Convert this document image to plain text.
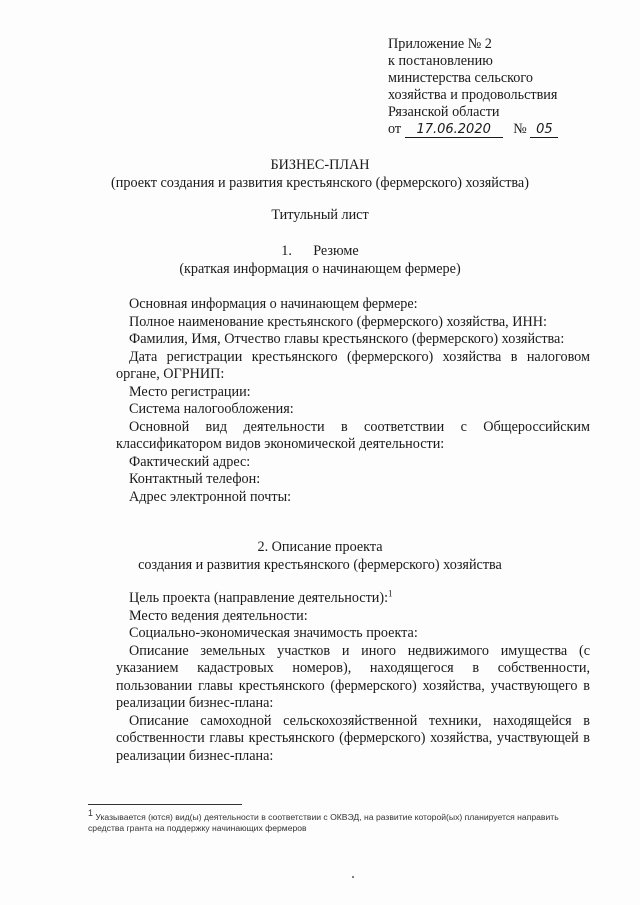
Приложение № 2
к постановлению
министерства сельского
хозяйства и продовольствия
Рязанской области
от 17.06.2020 № 05
БИЗНЕС-ПЛАН
(проект создания и развития крестьянского (фермерского) хозяйства)
Титульный лист
1.      Резюме
(краткая информация о начинающем фермере)

Основная информация о начинающем фермере:

Полное наименование крестьянского (фермерского) хозяйства, ИНН:

Фамилия, Имя, Отчество главы крестьянского (фермерского) хозяйства:

Дата регистрации крестьянского (фермерского) хозяйства в налоговом органе, ОГРНИП:

Место регистрации:

Система налогообложения:

Основной вид деятельности в соответствии с Общероссийским классификатором видов экономической деятельности:

Фактический адрес:

Контактный телефон:

Адрес электронной почты:

2. Описание проекта
создания и развития крестьянского (фермерского) хозяйства

Цель проекта (направление деятельности):$^1$

Место ведения деятельности:

Социально-экономическая значимость проекта:

Описание земельных участков и иного недвижимого имущества (с указанием кадастровых номеров), находящегося в собственности, пользовании главы крестьянского (фермерского) хозяйства, участвующего в реализации бизнес-плана:

Описание самоходной сельскохозяйственной техники, находящейся в собственности главы крестьянского (фермерского) хозяйства, участвующей в реализации бизнес-плана:

$^1$ Указывается (ются) вид(ы) деятельности в соответствии с ОКВЭД, на развитие которой(ых) планируется направить средства гранта на поддержку начинающих фермеров
